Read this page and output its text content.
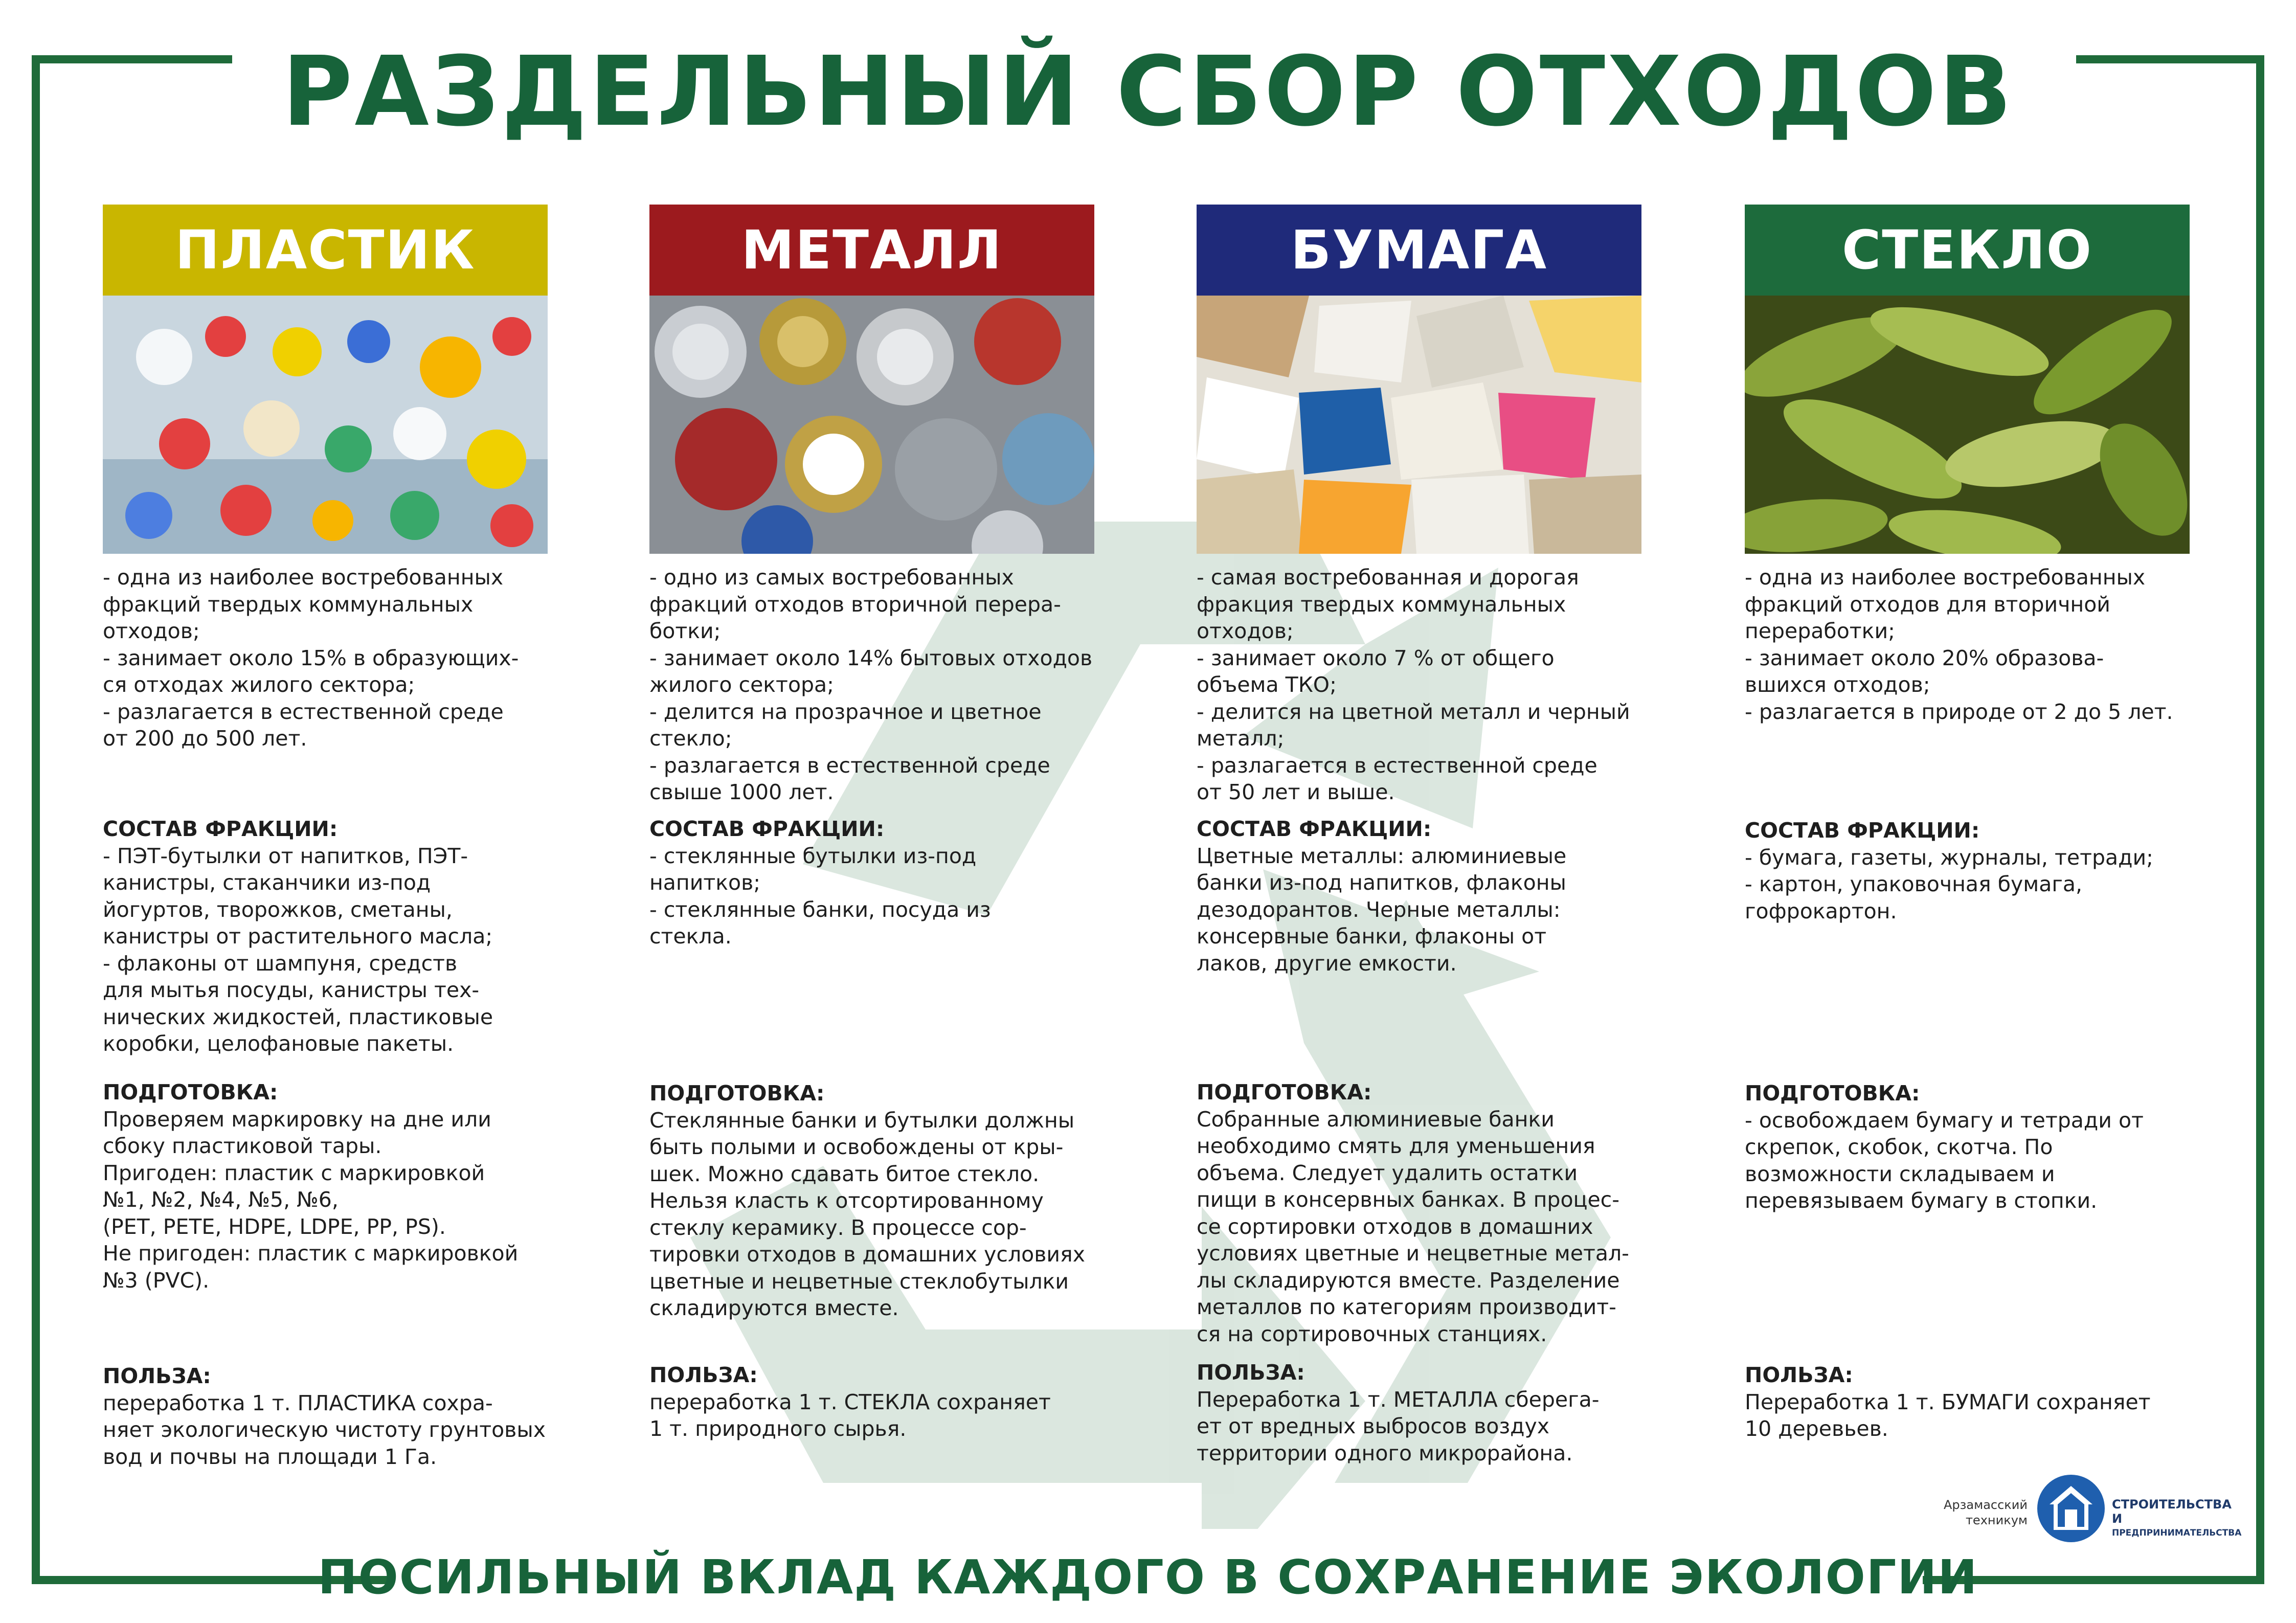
РАЗДЕЛЬНЫЙ СБОР ОТХОДОВ
ПЛАСТИК

- одна из наиболее востребованных

фракций твердых коммунальных

отходов;

- занимает около 15% в образующих-

ся отходах жилого сектора;

- разлагается в естественной среде

от 200 до 500 лет.

СОСТАВ ФРАКЦИИ:

- ПЭТ-бутылки от напитков, ПЭТ-

канистры, стаканчики из-под

йогуртов, творожков, сметаны,

канистры от растительного масла;

- флаконы от шампуня, средств

для мытья посуды, канистры тех-

нических жидкостей, пластиковые

коробки, целофановые пакеты.

ПОДГОТОВКА:

Проверяем маркировку на дне или

сбоку пластиковой тары.

Пригоден: пластик с маркировкой

№1, №2, №4, №5, №6,

(PET, PETE, HDPE, LDPE, PP, PS).

Не пригоден: пластик с маркировкой

№3 (PVC).

ПОЛЬЗА:

переработка 1 т. ПЛАСТИКА сохра-

няет экологическую чистоту грунтовых

вод и почвы на площади 1 Га.

МЕТАЛЛ

- одно из самых востребованных

фракций отходов вторичной перера-

ботки;

- занимает около 14% бытовых отходов

жилого сектора;

- делится на прозрачное и цветное

стекло;

- разлагается в естественной среде

свыше 1000 лет.

СОСТАВ ФРАКЦИИ:

- стеклянные бутылки из-под

напитков;

- стеклянные банки, посуда из

стекла.

ПОДГОТОВКА:

Стеклянные банки и бутылки должны

быть полыми и освобождены от кры-

шек. Можно сдавать битое стекло.

Нельзя класть к отсортированному

стеклу керамику. В процессе сор-

тировки отходов в домашних условиях

цветные и нецветные стеклобутылки

складируются вместе.

ПОЛЬЗА:

переработка 1 т. СТЕКЛА сохраняет

1 т. природного сырья.

БУМАГА

- самая востребованная и дорогая

фракция твердых коммунальных

отходов;

- занимает около 7 % от общего

объема ТКО;

- делится на цветной металл и черный

металл;

- разлагается в естественной среде

от 50 лет и выше.

СОСТАВ ФРАКЦИИ:

Цветные металлы: алюминиевые

банки из-под напитков, флаконы

дезодорантов. Черные металлы:

консервные банки, флаконы от

лаков, другие емкости.

ПОДГОТОВКА:

Собранные алюминиевые банки

необходимо смять для уменьшения

объема. Следует удалить остатки

пищи в консервных банках. В процес-

се сортировки отходов в домашних

условиях цветные и нецветные метал-

лы складируются вместе. Разделение

металлов по категориям производит-

ся на сортировочных станциях.

ПОЛЬЗА:

Переработка 1 т. МЕТАЛЛА сберега-

ет от вредных выбросов воздух

территории одного микрорайона.

СТЕКЛО

- одна из наиболее востребованных

фракций отходов для вторичной

переработки;

- занимает около 20% образова-

вшихся отходов;

- разлагается в природе от 2 до 5 лет.

СОСТАВ ФРАКЦИИ:

- бумага, газеты, журналы, тетради;

- картон, упаковочная бумага,

гофрокартон.

ПОДГОТОВКА:

- освобождаем бумагу и тетради от

скрепок, скобок, скотча. По

возможности складываем и

перевязываем бумагу в стопки.

ПОЛЬЗА:

Переработка 1 т. БУМАГИ сохраняет

10 деревьев.

Арзамасский
техникум
СТРОИТЕЛЬСТВА И
ПРЕДПРИНИМАТЕЛЬСТВА
ПОСИЛЬНЫЙ ВКЛАД КАЖДОГО В СОХРАНЕНИЕ ЭКОЛОГИИ
